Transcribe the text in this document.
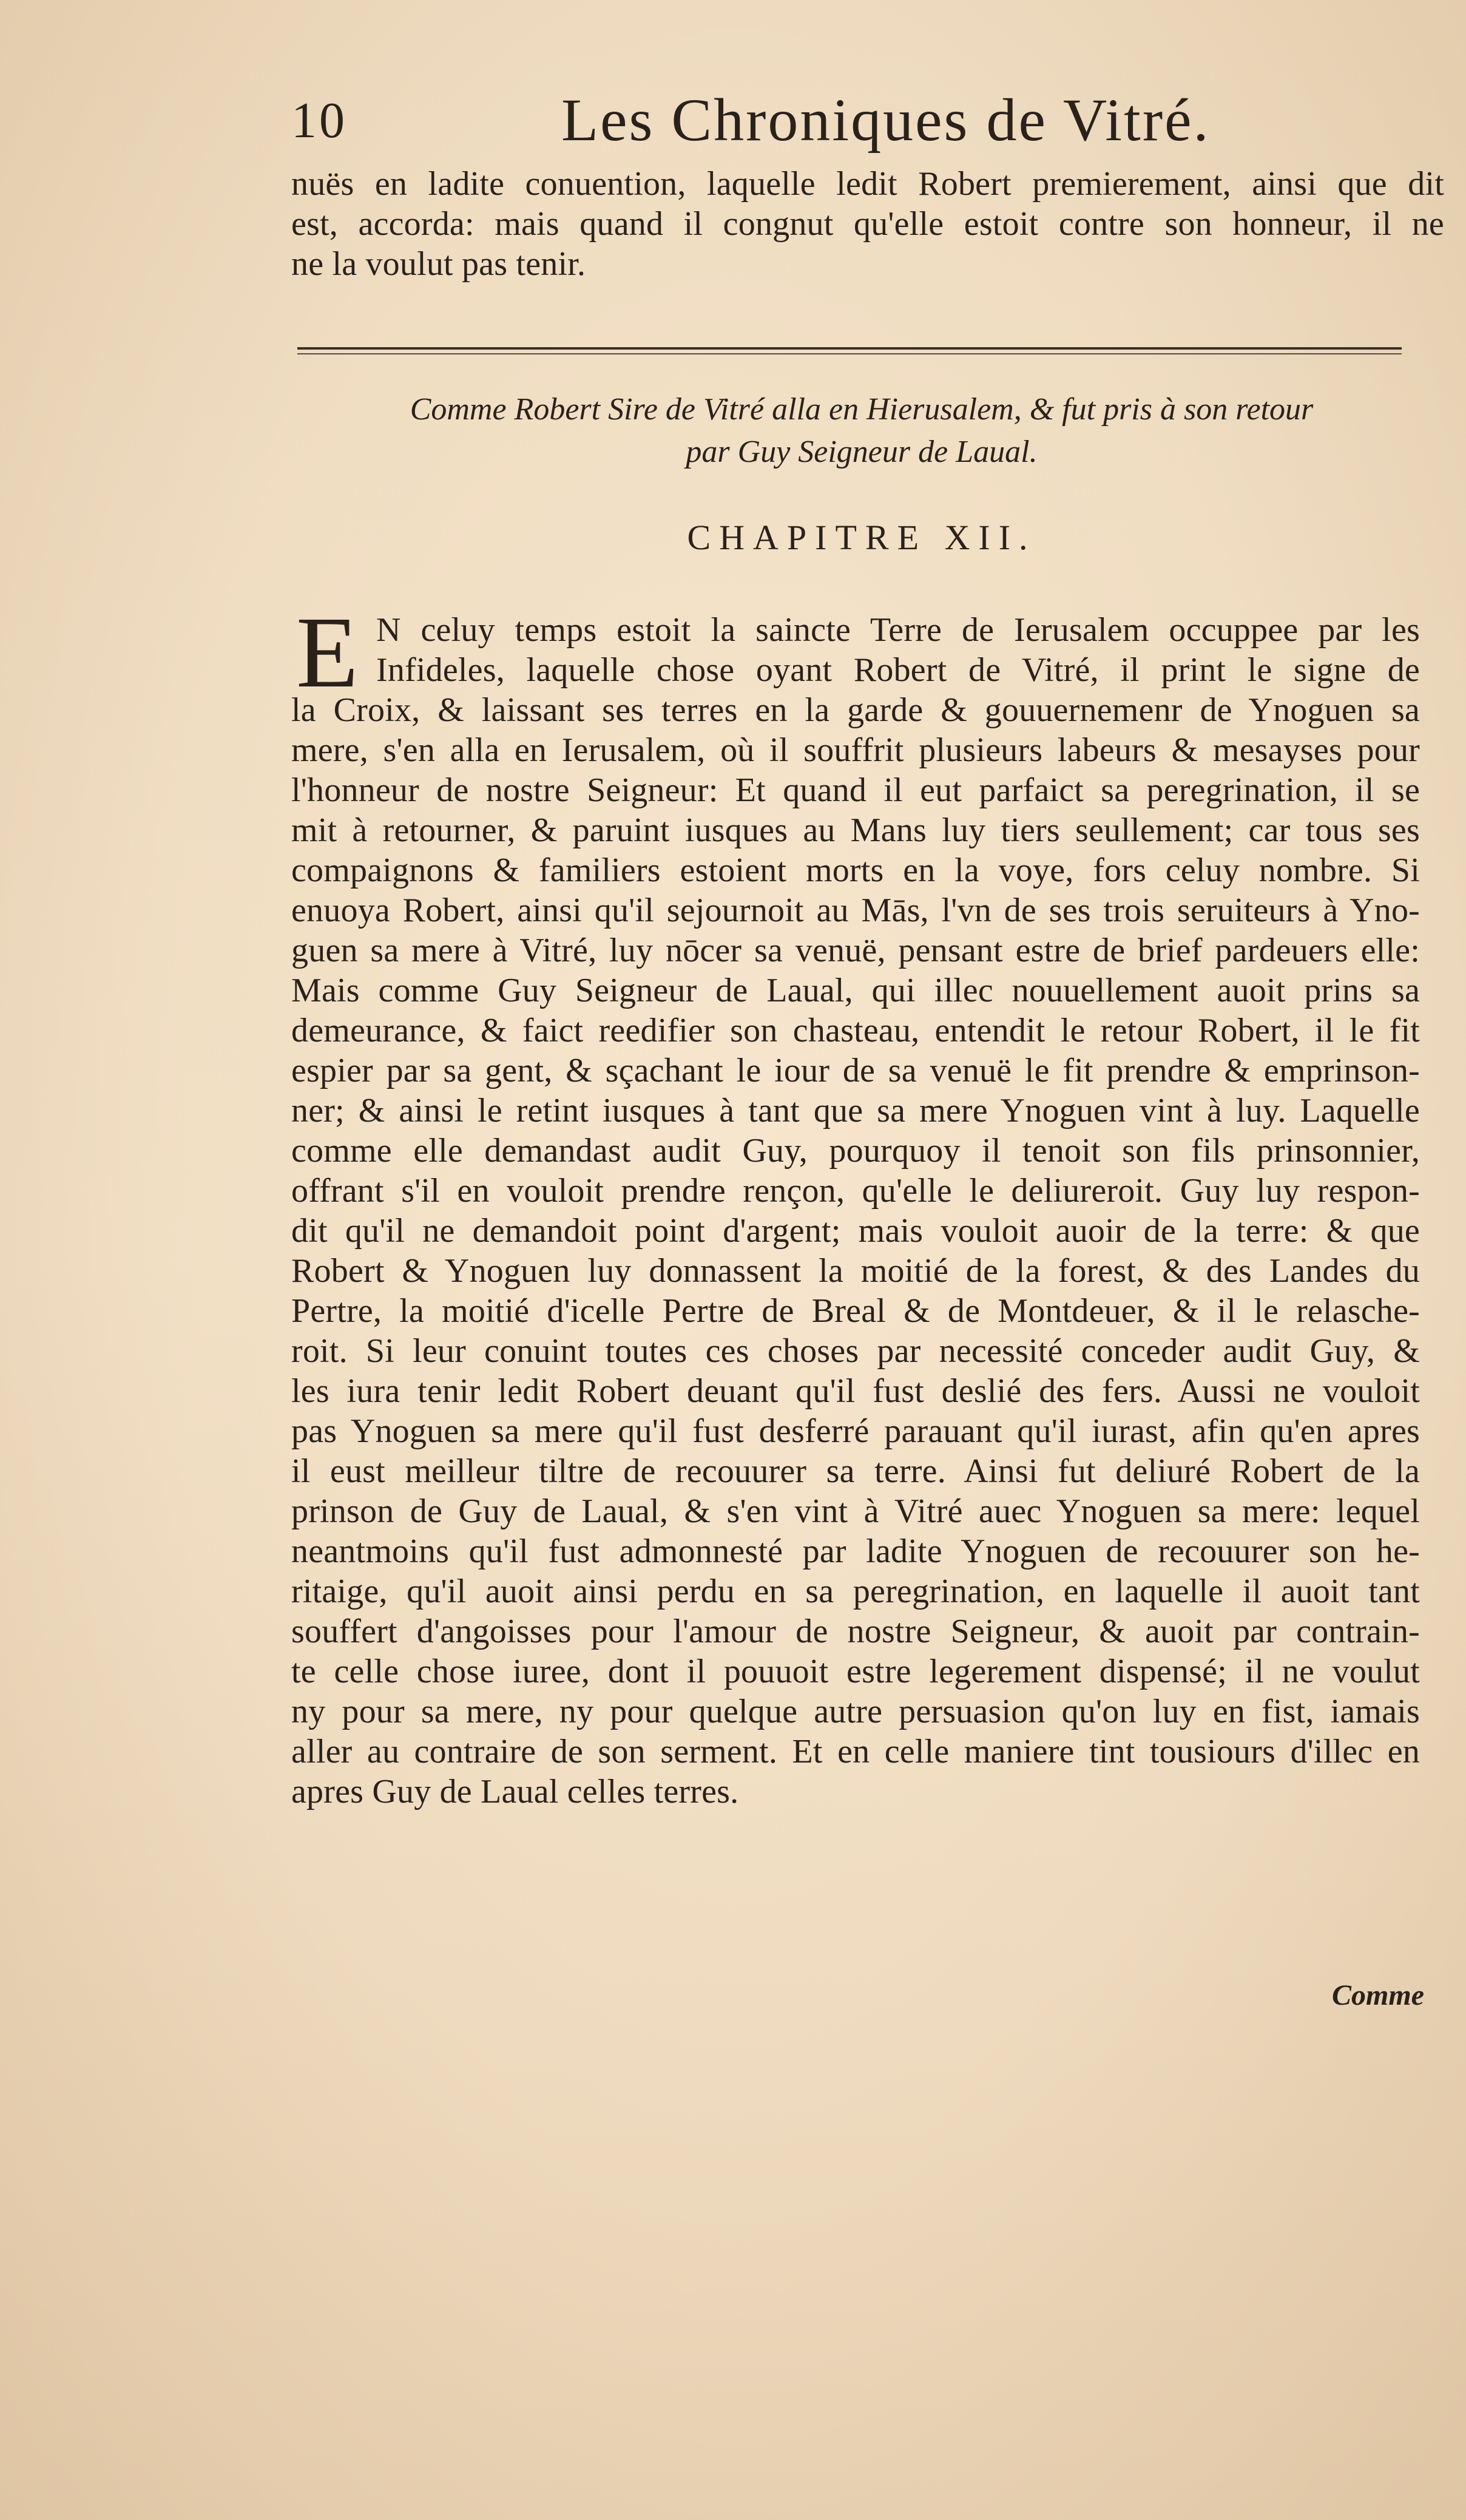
10	Les Chroniques de Vitré.
nuës en ladite conuention, laquelle ledit Robert premierement, ainsi que dit
est, accorda: mais quand il congnut qu'elle estoit contre son honneur, il ne
ne la voulut pas tenir.
Comme Robert Sire de Vitré alla en Hierusalem, & fut pris à son retour
par Guy Seigneur de Laual.
CHAPITRE XII.
E N celuy temps estoit la saincte Terre de Ierusalem occuppee par les
Infideles, laquelle chose oyant Robert de Vitré, il print le signe de
la Croix, & laissant ses terres en la garde & gouuernemenr de Ynoguen sa
mere, s'en alla en Ierusalem, où il souffrit plusieurs labeurs & mesayses pour
l'honneur de nostre Seigneur: Et quand il eut parfaict sa peregrination, il se
mit à retourner, & paruint iusques au Mans luy tiers seullement; car tous ses
compaignons & familiers estoient morts en la voye, fors celuy nombre. Si
enuoya Robert, ainsi qu'il sejournoit au Mās, l'vn de ses trois seruiteurs à Yno-
guen sa mere à Vitré, luy nōcer sa venuë, pensant estre de brief pardeuers elle:
Mais comme Guy Seigneur de Laual, qui illec nouuellement auoit prins sa
demeurance, & faict reedifier son chasteau, entendit le retour Robert, il le fit
espier par sa gent, & sçachant le iour de sa venuë le fit prendre & emprinson-
ner; & ainsi le retint iusques à tant que sa mere Ynoguen vint à luy. Laquelle
comme elle demandast audit Guy, pourquoy il tenoit son fils prinsonnier,
offrant s'il en vouloit prendre rençon, qu'elle le deliureroit. Guy luy respon-
dit qu'il ne demandoit point d'argent; mais vouloit auoir de la terre: & que
Robert & Ynoguen luy donnassent la moitié de la forest, & des Landes du
Pertre, la moitié d'icelle Pertre de Breal & de Montdeuer, & il le relasche-
roit. Si leur conuint toutes ces choses par necessité conceder audit Guy, &
les iura tenir ledit Robert deuant qu'il fust deslié des fers. Aussi ne vouloit
pas Ynoguen sa mere qu'il fust desferré parauant qu'il iurast, afin qu'en apres
il eust meilleur tiltre de recouurer sa terre. Ainsi fut deliuré Robert de la
prinson de Guy de Laual, & s'en vint à Vitré auec Ynoguen sa mere: lequel
neantmoins qu'il fust admonnesté par ladite Ynoguen de recouurer son he-
ritaige, qu'il auoit ainsi perdu en sa peregrination, en laquelle il auoit tant
souffert d'angoisses pour l'amour de nostre Seigneur, & auoit par contrain-
te celle chose iuree, dont il pouuoit estre legerement dispensé; il ne voulut
ny pour sa mere, ny pour quelque autre persuasion qu'on luy en fist, iamais
aller au contraire de son serment. Et en celle maniere tint tousiours d'illec en
apres Guy de Laual celles terres.
Comme
